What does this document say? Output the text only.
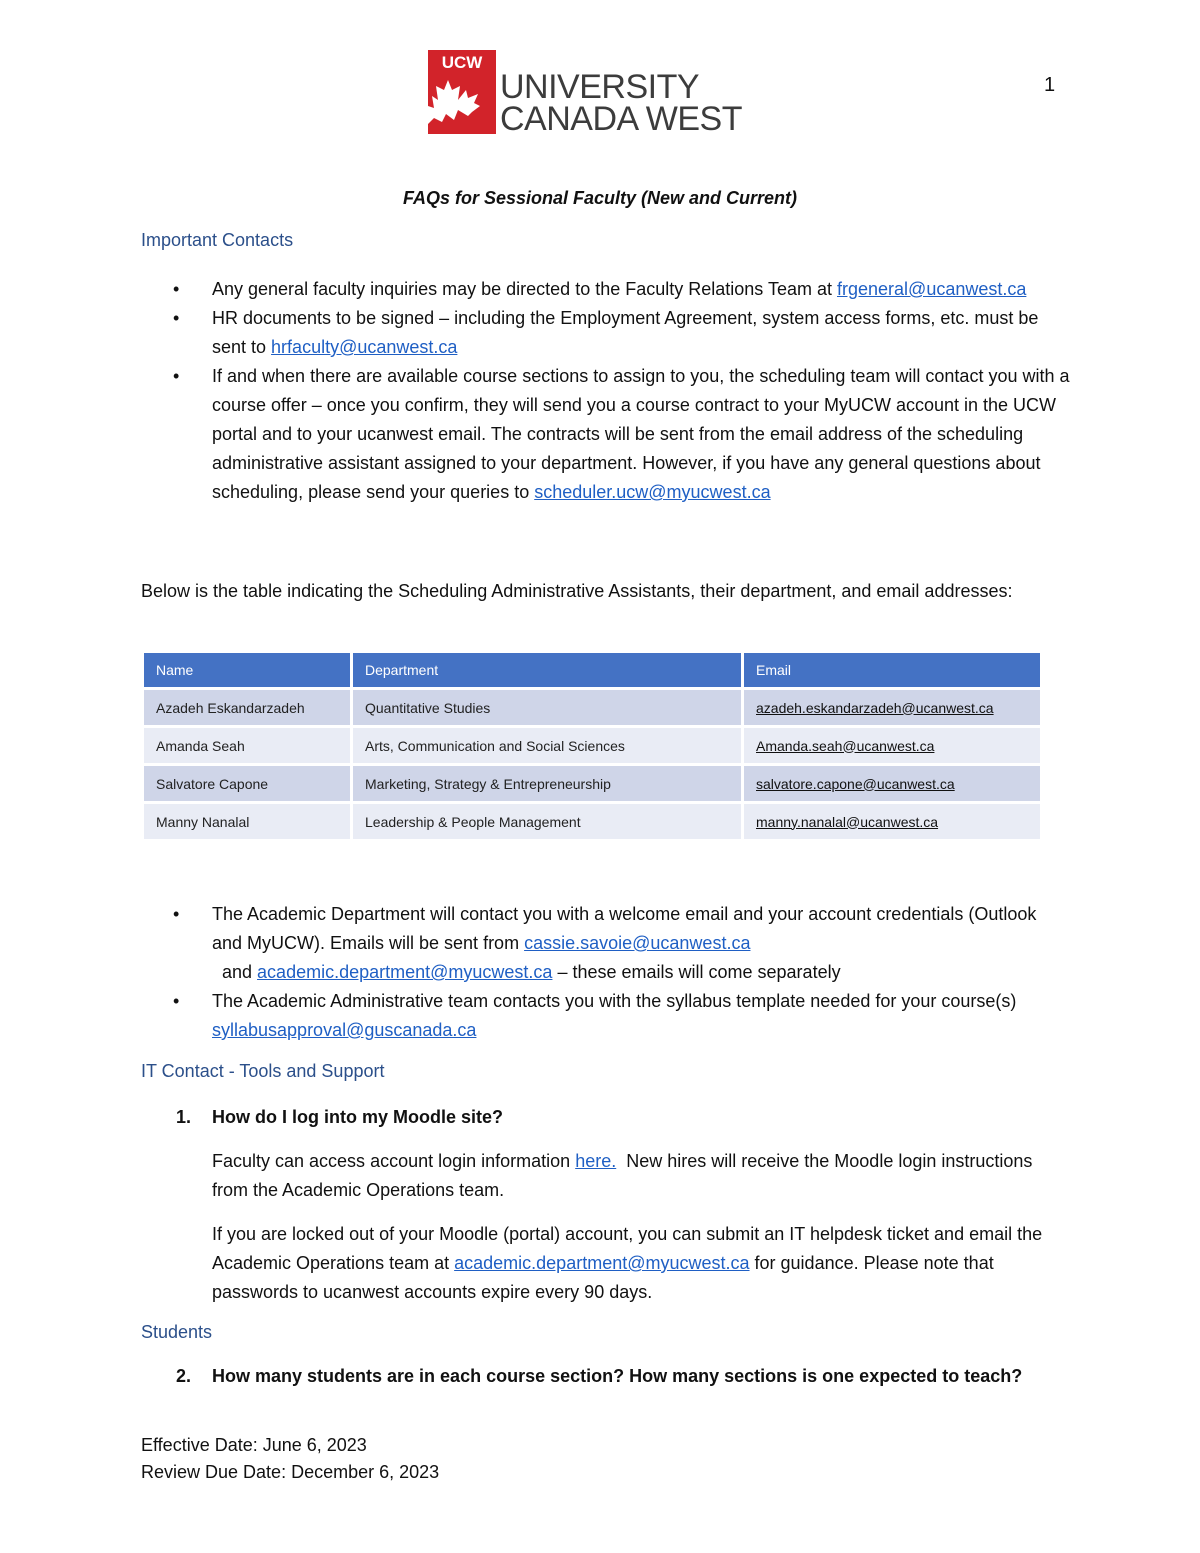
1
UCW
UNIVERSITY
CANADA WEST
FAQs for Sessional Faculty (New and Current)
Important Contacts
• Any general faculty inquiries may be directed to the Faculty Relations Team at frgeneral@ucanwest.ca
• HR documents to be signed – including the Employment Agreement, system access forms, etc. must be sent to hrfaculty@ucanwest.ca
• If and when there are available course sections to assign to you, the scheduling team will contact you with a course offer – once you confirm, they will send you a course contract to your MyUCW account in the UCW portal and to your ucanwest email. The contracts will be sent from the email address of the scheduling administrative assistant assigned to your department. However, if you have any general questions about scheduling, please send your queries to scheduler.ucw@myucwest.ca
Below is the table indicating the Scheduling Administrative Assistants, their department, and email addresses:
Name	Department	Email
Azadeh Eskandarzadeh	Quantitative Studies	azadeh.eskandarzadeh@ucanwest.ca
Amanda Seah	Arts, Communication and Social Sciences	Amanda.seah@ucanwest.ca
Salvatore Capone	Marketing, Strategy & Entrepreneurship	salvatore.capone@ucanwest.ca
Manny Nanalal	Leadership & People Management	manny.nanalal@ucanwest.ca
• The Academic Department will contact you with a welcome email and your account credentials (Outlook and MyUCW). Emails will be sent from cassie.savoie@ucanwest.ca  and academic.department@myucwest.ca – these emails will come separately
• The Academic Administrative team contacts you with the syllabus template needed for your course(s) syllabusapproval@guscanada.ca
IT Contact - Tools and Support
1. How do I log into my Moodle site?
Faculty can access account login information here.  New hires will receive the Moodle login instructions from the Academic Operations team.
If you are locked out of your Moodle (portal) account, you can submit an IT helpdesk ticket and email the Academic Operations team at academic.department@myucwest.ca for guidance. Please note that passwords to ucanwest accounts expire every 90 days.
Students
2. How many students are in each course section? How many sections is one expected to teach?
Effective Date: June 6, 2023
Review Due Date: December 6, 2023
